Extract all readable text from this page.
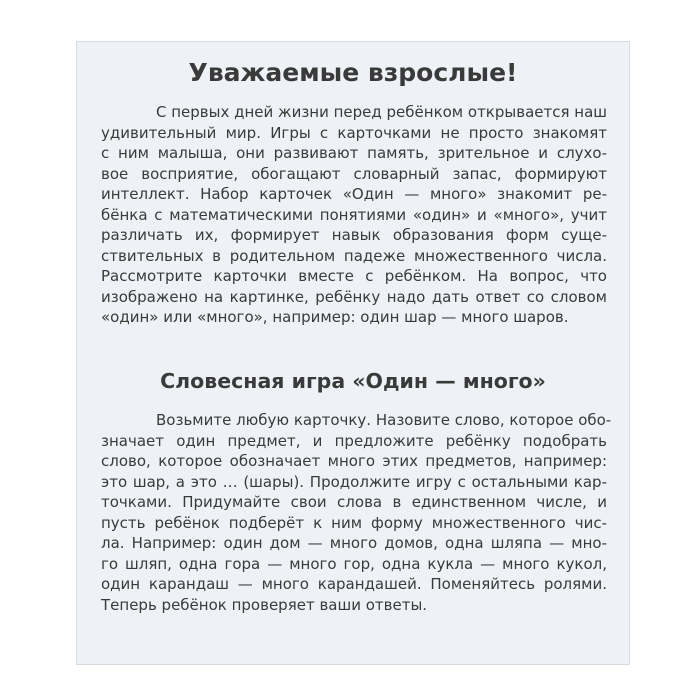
Уважаемые взрослые!
С первых дней жизни перед ребёнком открывается наш
удивительный мир. Игры с карточками не просто знакомят
с ним малыша, они развивают память, зрительное и слухо-
вое восприятие, обогащают словарный запас, формируют
интеллект. Набор карточек «Один — много» знакомит ре-
бёнка с математическими понятиями «один» и «много», учит
различать их, формирует навык образования форм суще-
ствительных в родительном падеже множественного числа.
Рассмотрите карточки вместе с ребёнком. На вопрос, что
изображено на картинке, ребёнку надо дать ответ со словом
«один» или «много», например: один шар — много шаров.
Словесная игра «Один — много»
Возьмите любую карточку. Назовите слово, которое обо-
значает один предмет, и предложите ребёнку подобрать
слово, которое обозначает много этих предметов, например:
это шар, а это … (шары). Продолжите игру с остальными кар-
точками. Придумайте свои слова в единственном числе, и
пусть ребёнок подберёт к ним форму множественного чис-
ла. Например: один дом — много домов, одна шляпа — мно-
го шляп, одна гора — много гор, одна кукла — много кукол,
один карандаш — много карандашей. Поменяйтесь ролями.
Теперь ребёнок проверяет ваши ответы.
